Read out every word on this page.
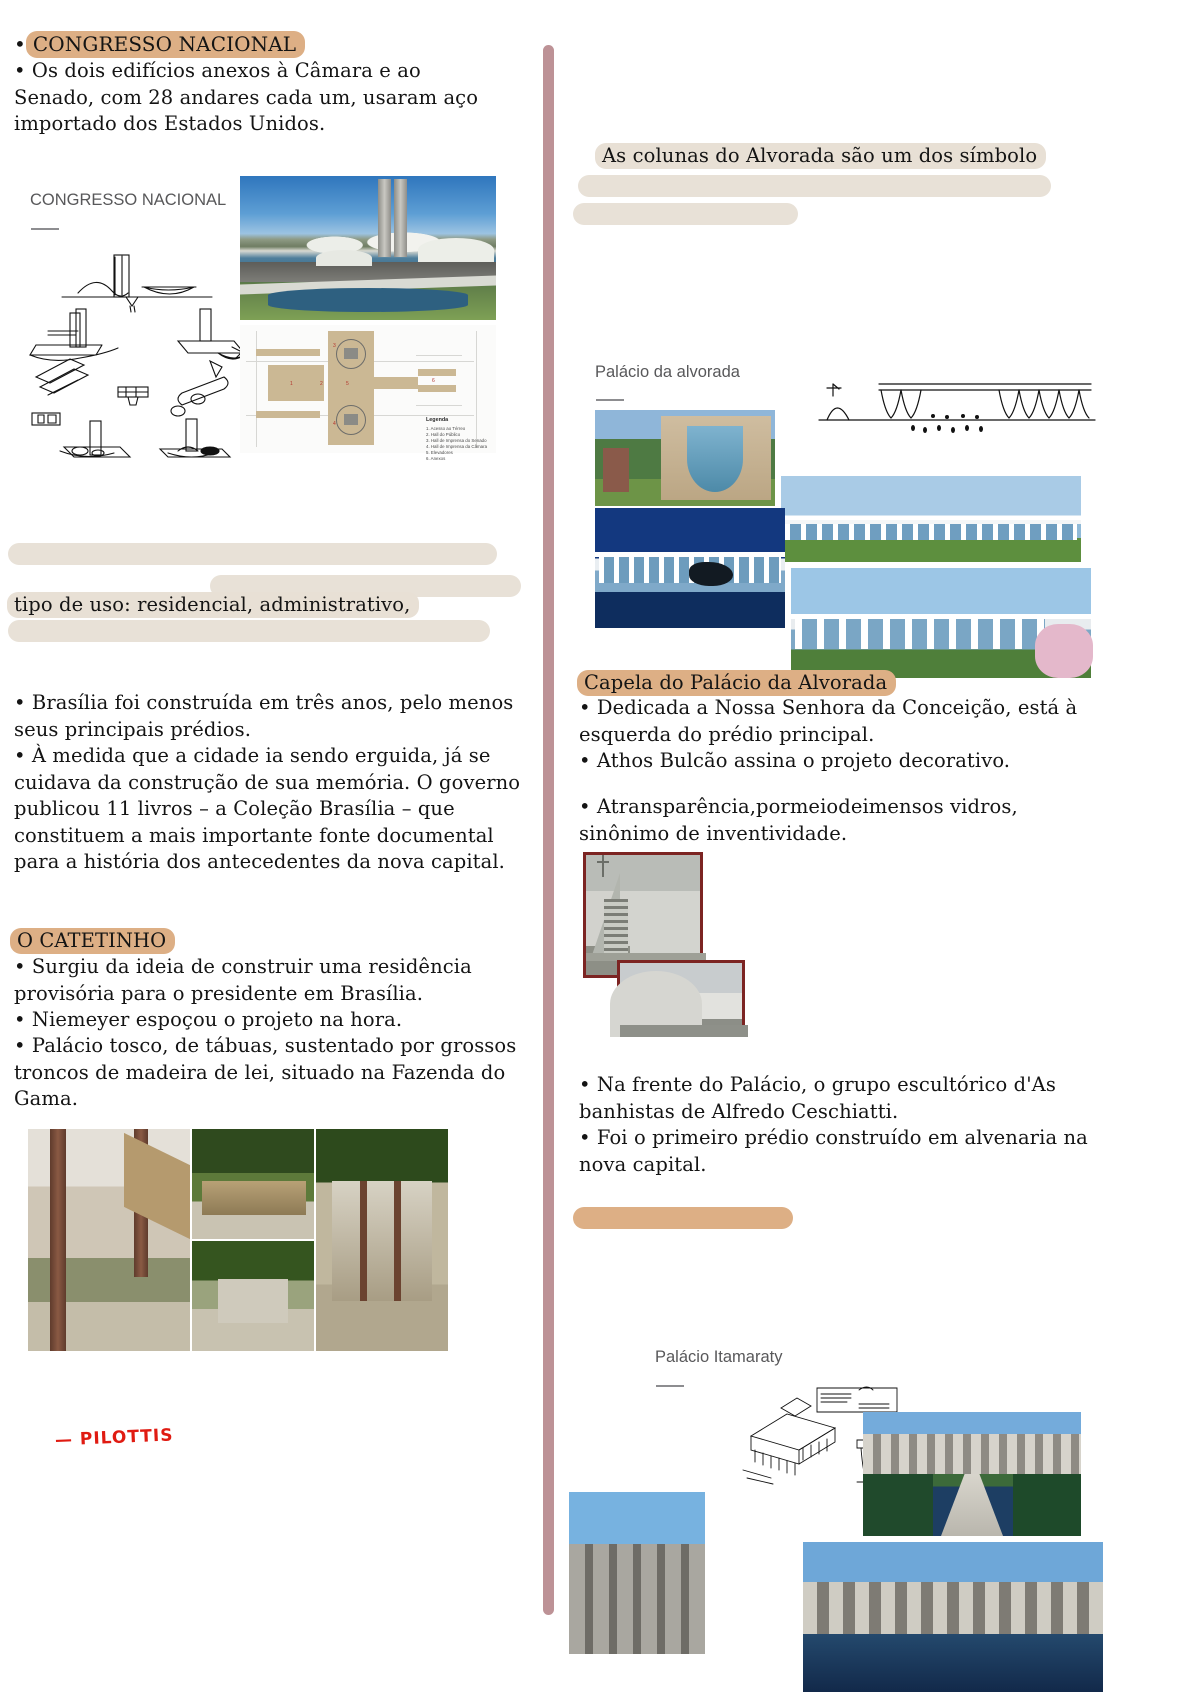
• CONGRESSO NACIONAL

• Os dois edifícios anexos à Câmara e ao Senado, com 28 andares cada um, usaram aço importado dos Estados Unidos.

CONGRESSO NACIONAL
1	2
3
4
5	6
Legenda
1. Acesso ao Térreo
2. Hall do Público
3. Hall de Imprensa do Senado
4. Hall de Imprensa da Câmara
5. Elevadores
6. Anexos
tipo de uso: residencial, administrativo,

• Brasília foi construída em três anos, pelo menos seus principais prédios.

• À medida que a cidade ia sendo erguida, já se cuidava da construção de sua memória. O governo publicou 11 livros – a Coleção Brasília – que constituem a mais importante fonte documental para a história dos antecedentes da nova capital.

O CATETINHO

• Surgiu da ideia de construir uma residência provisória para o presidente em Brasília.

• Niemeyer espoçou o projeto na hora.

• Palácio tosco, de tábuas, sustentado por grossos troncos de madeira de lei, situado na Fazenda do Gama.

— PILOTTIS
As colunas do Alvorada são um dos símbolo
Palácio da alvorada
Capela do Palácio da Alvorada

• Dedicada a Nossa Senhora da Conceição, está à esquerda do prédio principal.

• Athos Bulcão assina o projeto decorativo.

• Atransparência,pormeiodeimensos vidros, sinônimo de inventividade.

• Na frente do Palácio, o grupo escultórico d'As banhistas de Alfredo Ceschiatti.

• Foi o primeiro prédio construído em alvenaria na nova capital.

Palácio Itamaraty
